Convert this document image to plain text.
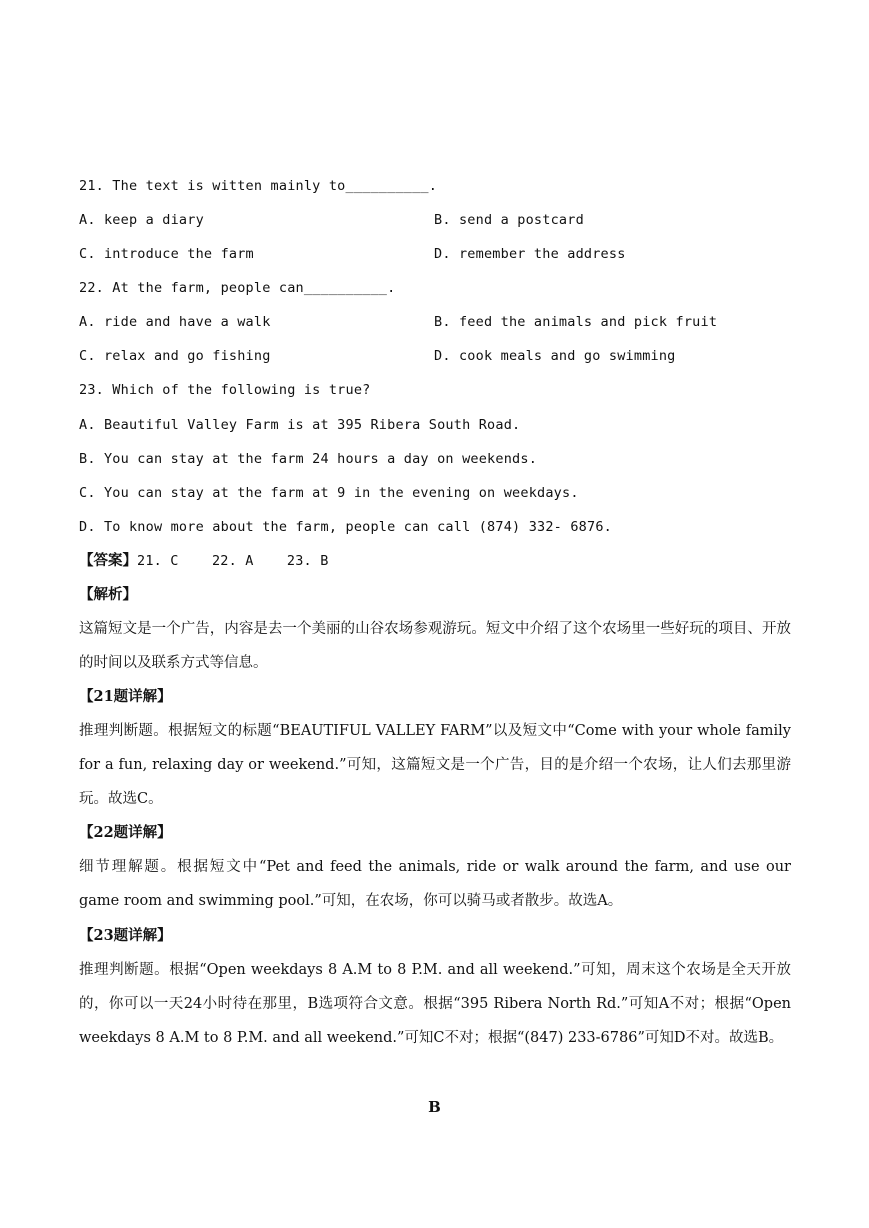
21. The text is witten mainly to__________.
A. keep a diary	B. send a postcard
C. introduce the farm	D. remember the address
22. At the farm, people can__________.
A. ride and have a walk	B. feed the animals and pick fruit
C. relax and go fishing	D. cook meals and go swimming
23. Which of the following is true?
A. Beautiful Valley Farm is at 395 Ribera South Road.
B. You can stay at the farm 24 hours a day on weekends.
C. You can stay at the farm at 9 in the evening on weekdays.
D. To know more about the farm, people can call (874) 332- 6876.
【答案】21. C    22. A    23. B
【解析】
这篇短文是一个广告，内容是去一个美丽的山谷农场参观游玩。短文中介绍了这个农场里一些好玩的项目、开放的时间以及联系方式等信息。
【21题详解】
推理判断题。根据短文的标题“BEAUTIFUL VALLEY FARM”以及短文中“Come with your whole family for a fun, relaxing day or weekend.”可知，这篇短文是一个广告，目的是介绍一个农场，让人们去那里游玩。故选C。
【22题详解】
细节理解题。根据短文中“Pet and feed the animals, ride or walk around the farm, and use our game room and swimming pool.”可知，在农场，你可以骑马或者散步。故选A。
【23题详解】
推理判断题。根据“Open weekdays 8 A.M to 8 P.M. and all weekend.”可知，周末这个农场是全天开放的，你可以一天24小时待在那里，B选项符合文意。根据“395 Ribera North Rd.”可知A不对；根据“Open weekdays 8 A.M to 8 P.M. and all weekend.”可知C不对；根据“(847) 233-6786”可知D不对。故选B。
B
